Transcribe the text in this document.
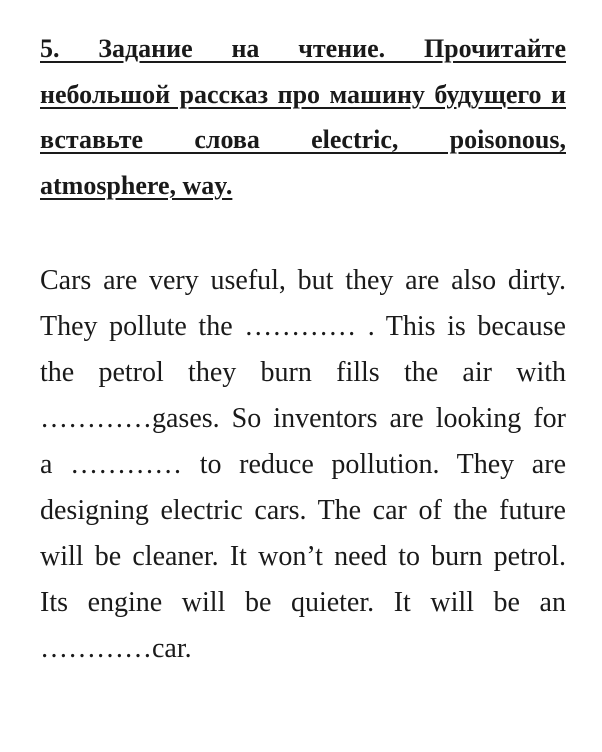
5. Задание на чтение. Прочитайте небольшой рассказ про машину будущего и вставьте слова electric, poisonous, atmosphere, way.

Cars are very useful, but they are also dirty. They pollute the ………… . This is because the petrol they burn fills the air with …………gases. So inventors are looking for a ………… to reduce pollution. They are designing electric cars. The car of the future will be cleaner. It won’t need to burn petrol. Its engine will be quieter. It will be an …………car.
